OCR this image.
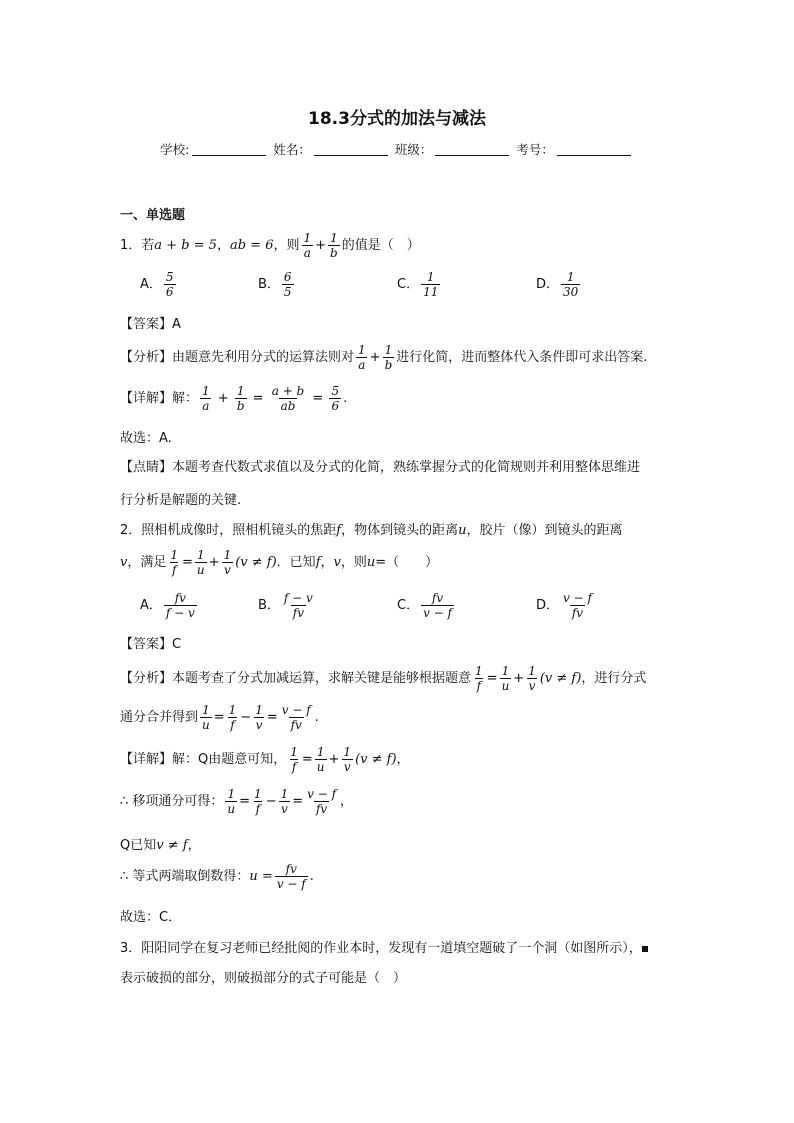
18.3分式的加法与减法
学校:	姓名：	班级：	考号：
一、单选题
1．若a + b = 5，ab = 6，则 $\frac{1}{a} + \frac{1}{b}$ 的值是（　）
A． $\frac{5}{6}$	B． $\frac{6}{5}$	C． $\frac{1}{11}$	D． $\frac{1}{30}$
【答案】A
【分析】由题意先利用分式的运算法则对 $\frac{1}{a} + \frac{1}{b}$ 进行化简，进而整体代入条件即可求出答案.
【详解】解： $\frac{1}{a} + \frac{1}{b} = \frac{a + b}{ab} = \frac{5}{6}$ .
故选：A.
【点睛】本题考查代数式求值以及分式的化简，熟练掌握分式的化简规则并利用整体思维进
行分析是解题的关键.
2．照相机成像时，照相机镜头的焦距f，物体到镜头的距离u，胶片（像）到镜头的距离
v，满足 $\frac{1}{f} = \frac{1}{u} + \frac{1}{v} (v \ne f)$．已知f，v，则u=（　　）
A． $\frac{fv}{f - v}$	B． $\frac{f - v}{fv}$	C． $\frac{fv}{v - f}$	D． $\frac{v - f}{fv}$
【答案】C
【分析】本题考查了分式加减运算，求解关键是能够根据题意 $\frac{1}{f} = \frac{1}{u} + \frac{1}{v} (v \ne f)$，进行分式
通分合并得到 $\frac{1}{u} = \frac{1}{f} - \frac{1}{v} = \frac{v - f}{fv}$ .
【详解】解：Q由题意可知， $\frac{1}{f} = \frac{1}{u} + \frac{1}{v} (v \ne f)$，
∴ 移项通分可得： $\frac{1}{u} = \frac{1}{f} - \frac{1}{v} = \frac{v - f}{fv}$ ，
Q已知v ≠ f，
∴ 等式两端取倒数得：$u = \frac{fv}{v - f}$ .
故选：C．
3．阳阳同学在复习老师已经批阅的作业本时，发现有一道填空题破了一个洞（如图所示），
表示破损的部分，则破损部分的式子可能是（　）
